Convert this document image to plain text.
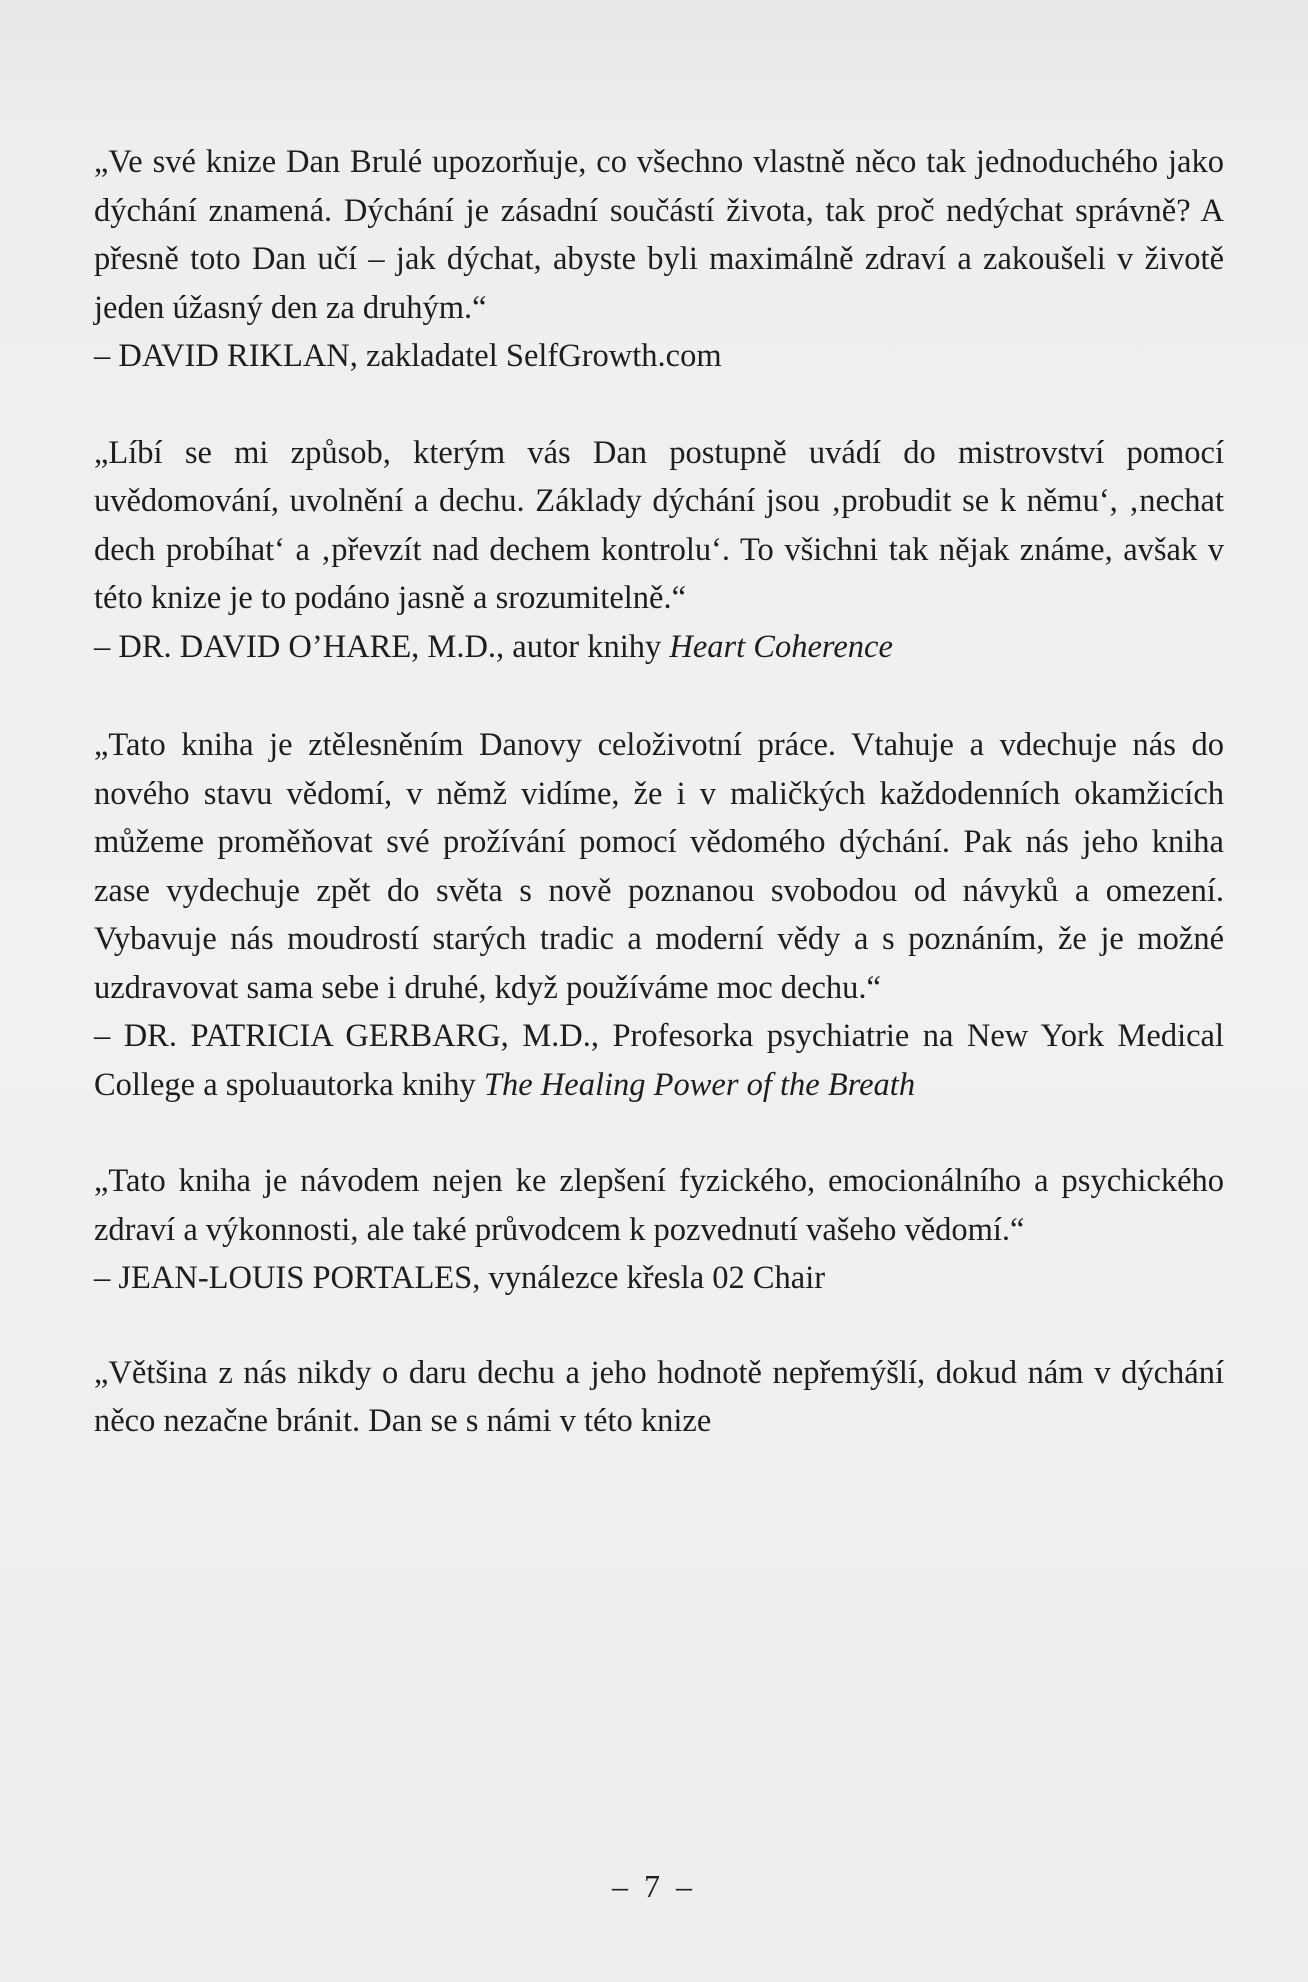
„Ve své knize Dan Brulé upozorňuje, co všechno vlastně něco tak jednoduchého jako dýchání znamená. Dýchání je zásadní součástí života, tak proč nedýchat správně? A přesně toto Dan učí – jak dýchat, abyste byli maximálně zdraví a zakoušeli v životě jeden úžasný den za druhým.“

– DAVID RIKLAN, zakladatel SelfGrowth.com

„Líbí se mi způsob, kterým vás Dan postupně uvádí do mistrovství pomocí uvědomování, uvolnění a dechu. Základy dýchání jsou ‚probudit se k němu‘, ‚nechat dech probíhat‘ a ‚převzít nad dechem kontrolu‘. To všichni tak nějak známe, avšak v této knize je to podáno jasně a srozumitelně.“

– DR. DAVID O’HARE, M.D., autor knihy Heart Coherence

„Tato kniha je ztělesněním Danovy celoživotní práce. Vtahuje a vdechuje nás do nového stavu vědomí, v němž vidíme, že i v maličkých každodenních okamžicích můžeme proměňovat své prožívání pomocí vědomého dýchání. Pak nás jeho kniha zase vydechuje zpět do světa s nově poznanou svobodou od návyků a omezení. Vybavuje nás moudrostí starých tradic a moderní vědy a s poznáním, že je možné uzdravovat sama sebe i druhé, když používáme moc dechu.“

– DR. PATRICIA GERBARG, M.D., Profesorka psychiatrie na New York Medical College a spoluautorka knihy The Healing Power of the Breath

„Tato kniha je návodem nejen ke zlepšení fyzického, emocionálního a psychického zdraví a výkonnosti, ale také průvodcem k pozvednutí vašeho vědomí.“

– JEAN-LOUIS PORTALES, vynálezce křesla 02 Chair

„Většina z nás nikdy o daru dechu a jeho hodnotě nepřemýšlí, dokud nám v dýchání něco nezačne bránit. Dan se s námi v této knize

– 7 –
